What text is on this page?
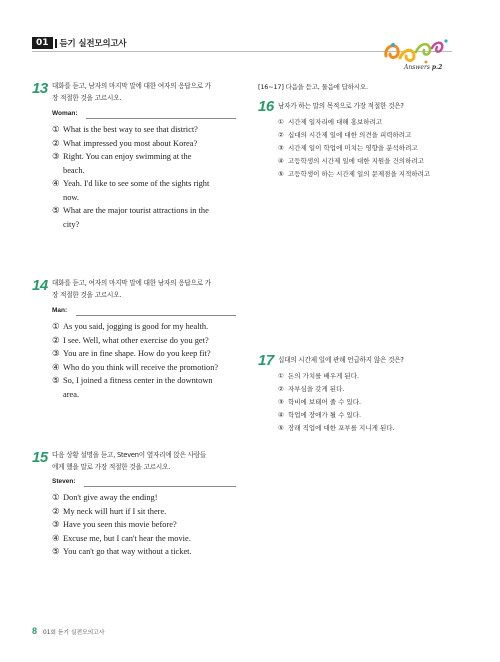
01	듣기 실전모의고사
Answers p.2
13 대화를 듣고, 남자의 마지막 말에 대한 여자의 응답으로 가
장 적절한 것을 고르시오.
Woman:
① What is the best way to see that district?
② What impressed you most about Korea?
③ Right. You can enjoy swimming at the
beach.
④ Yeah. I'd like to see some of the sights right
now.
⑤ What are the major tourist attractions in the
city?
14 대화를 듣고, 여자의 마지막 말에 대한 남자의 응답으로 가
장 적절한 것을 고르시오.
Man:
① As you said, jogging is good for my health.
② I see. Well, what other exercise do you get?
③ You are in fine shape. How do you keep fit?
④ Who do you think will receive the promotion?
⑤ So, I joined a fitness center in the downtown
area.
15 다음 상황 설명을 듣고, Steven이 옆자리에 앉은 사람들
에게 했을 말로 가장 적절한 것을 고르시오.
Steven:
① Don't give away the ending!
② My neck will hurt if I sit there.
③ Have you seen this movie before?
④ Excuse me, but I can't hear the movie.
⑤ You can't go that way without a ticket.
[16~17] 다음을 듣고, 물음에 답하시오.
16 남자가 하는 말의 목적으로 가장 적절한 것은?
① 시간제 일자리에 대해 홍보하려고
② 십대의 시간제 일에 대한 의견을 피력하려고
③ 시간제 일이 학업에 미치는 영향을 분석하려고
④ 고등학생의 시간제 일에 대한 지원을 건의하려고
⑤ 고등학생이 하는 시간제 일의 문제점을 지적하려고
17 십대의 시간제 일에 관해 언급하지 않은 것은?
① 돈의 가치를 배우게 된다.
② 자부심을 갖게 된다.
③ 학비에 보태어 줄 수 있다.
④ 학업에 장애가 될 수 있다.
⑤ 장래 직업에 대한 포부를 지니게 된다.
8 01회 듣기 실전모의고사
